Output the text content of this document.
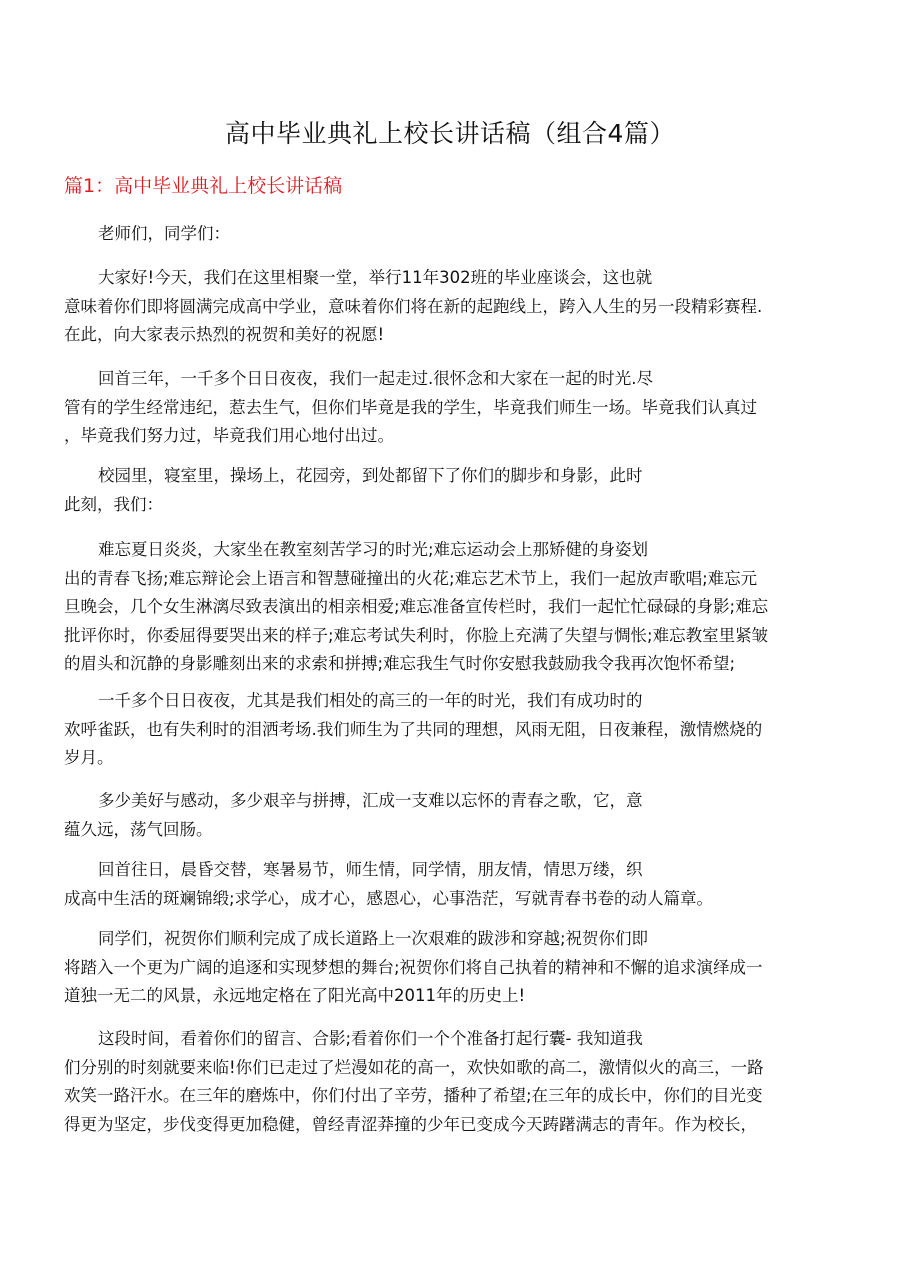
高中毕业典礼上校长讲话稿（组合4篇）
篇1：高中毕业典礼上校长讲话稿
老师们，同学们：
大家好!今天，我们在这里相聚一堂，举行11年302班的毕业座谈会，这也就
意味着你们即将圆满完成高中学业，意味着你们将在新的起跑线上，跨入人生的另一段精彩赛程.
在此，向大家表示热烈的祝贺和美好的祝愿!
回首三年，一千多个日日夜夜，我们一起走过.很怀念和大家在一起的时光.尽
管有的学生经常违纪，惹去生气，但你们毕竟是我的学生，毕竟我们师生一场。毕竟我们认真过
，毕竟我们努力过，毕竟我们用心地付出过。
校园里，寝室里，操场上，花园旁，到处都留下了你们的脚步和身影，此时
此刻，我们：
难忘夏日炎炎，大家坐在教室刻苦学习的时光;难忘运动会上那矫健的身姿划
出的青春飞扬;难忘辩论会上语言和智慧碰撞出的火花;难忘艺术节上，我们一起放声歌唱;难忘元
旦晚会，几个女生淋漓尽致表演出的相亲相爱;难忘准备宣传栏时，我们一起忙忙碌碌的身影;难忘
批评你时，你委屈得要哭出来的样子;难忘考试失利时，你脸上充满了失望与惆怅;难忘教室里紧皱
的眉头和沉静的身影雕刻出来的求索和拼搏;难忘我生气时你安慰我鼓励我令我再次饱怀希望;
一千多个日日夜夜，尤其是我们相处的高三的一年的时光，我们有成功时的
欢呼雀跃，也有失利时的泪洒考场.我们师生为了共同的理想，风雨无阻，日夜兼程，激情燃烧的
岁月。
多少美好与感动，多少艰辛与拼搏，汇成一支难以忘怀的青春之歌，它，意
蕴久远，荡气回肠。
回首往日，晨昏交替，寒暑易节，师生情，同学情，朋友情，情思万缕，织
成高中生活的斑斓锦缎;求学心，成才心，感恩心，心事浩茫，写就青春书卷的动人篇章。
同学们，祝贺你们顺利完成了成长道路上一次艰难的跋涉和穿越;祝贺你们即
将踏入一个更为广阔的追逐和实现梦想的舞台;祝贺你们将自己执着的精神和不懈的追求演绎成一
道独一无二的风景，永远地定格在了阳光高中2011年的历史上!
这段时间，看着你们的留言、合影;看着你们一个个准备打起行囊- 我知道我
们分别的时刻就要来临!你们已走过了烂漫如花的高一，欢快如歌的高二，激情似火的高三，一路
欢笑一路汗水。在三年的磨炼中，你们付出了辛劳，播种了希望;在三年的成长中，你们的目光变
得更为坚定，步伐变得更加稳健，曾经青涩莽撞的少年已变成今天踌躇满志的青年。作为校长，
